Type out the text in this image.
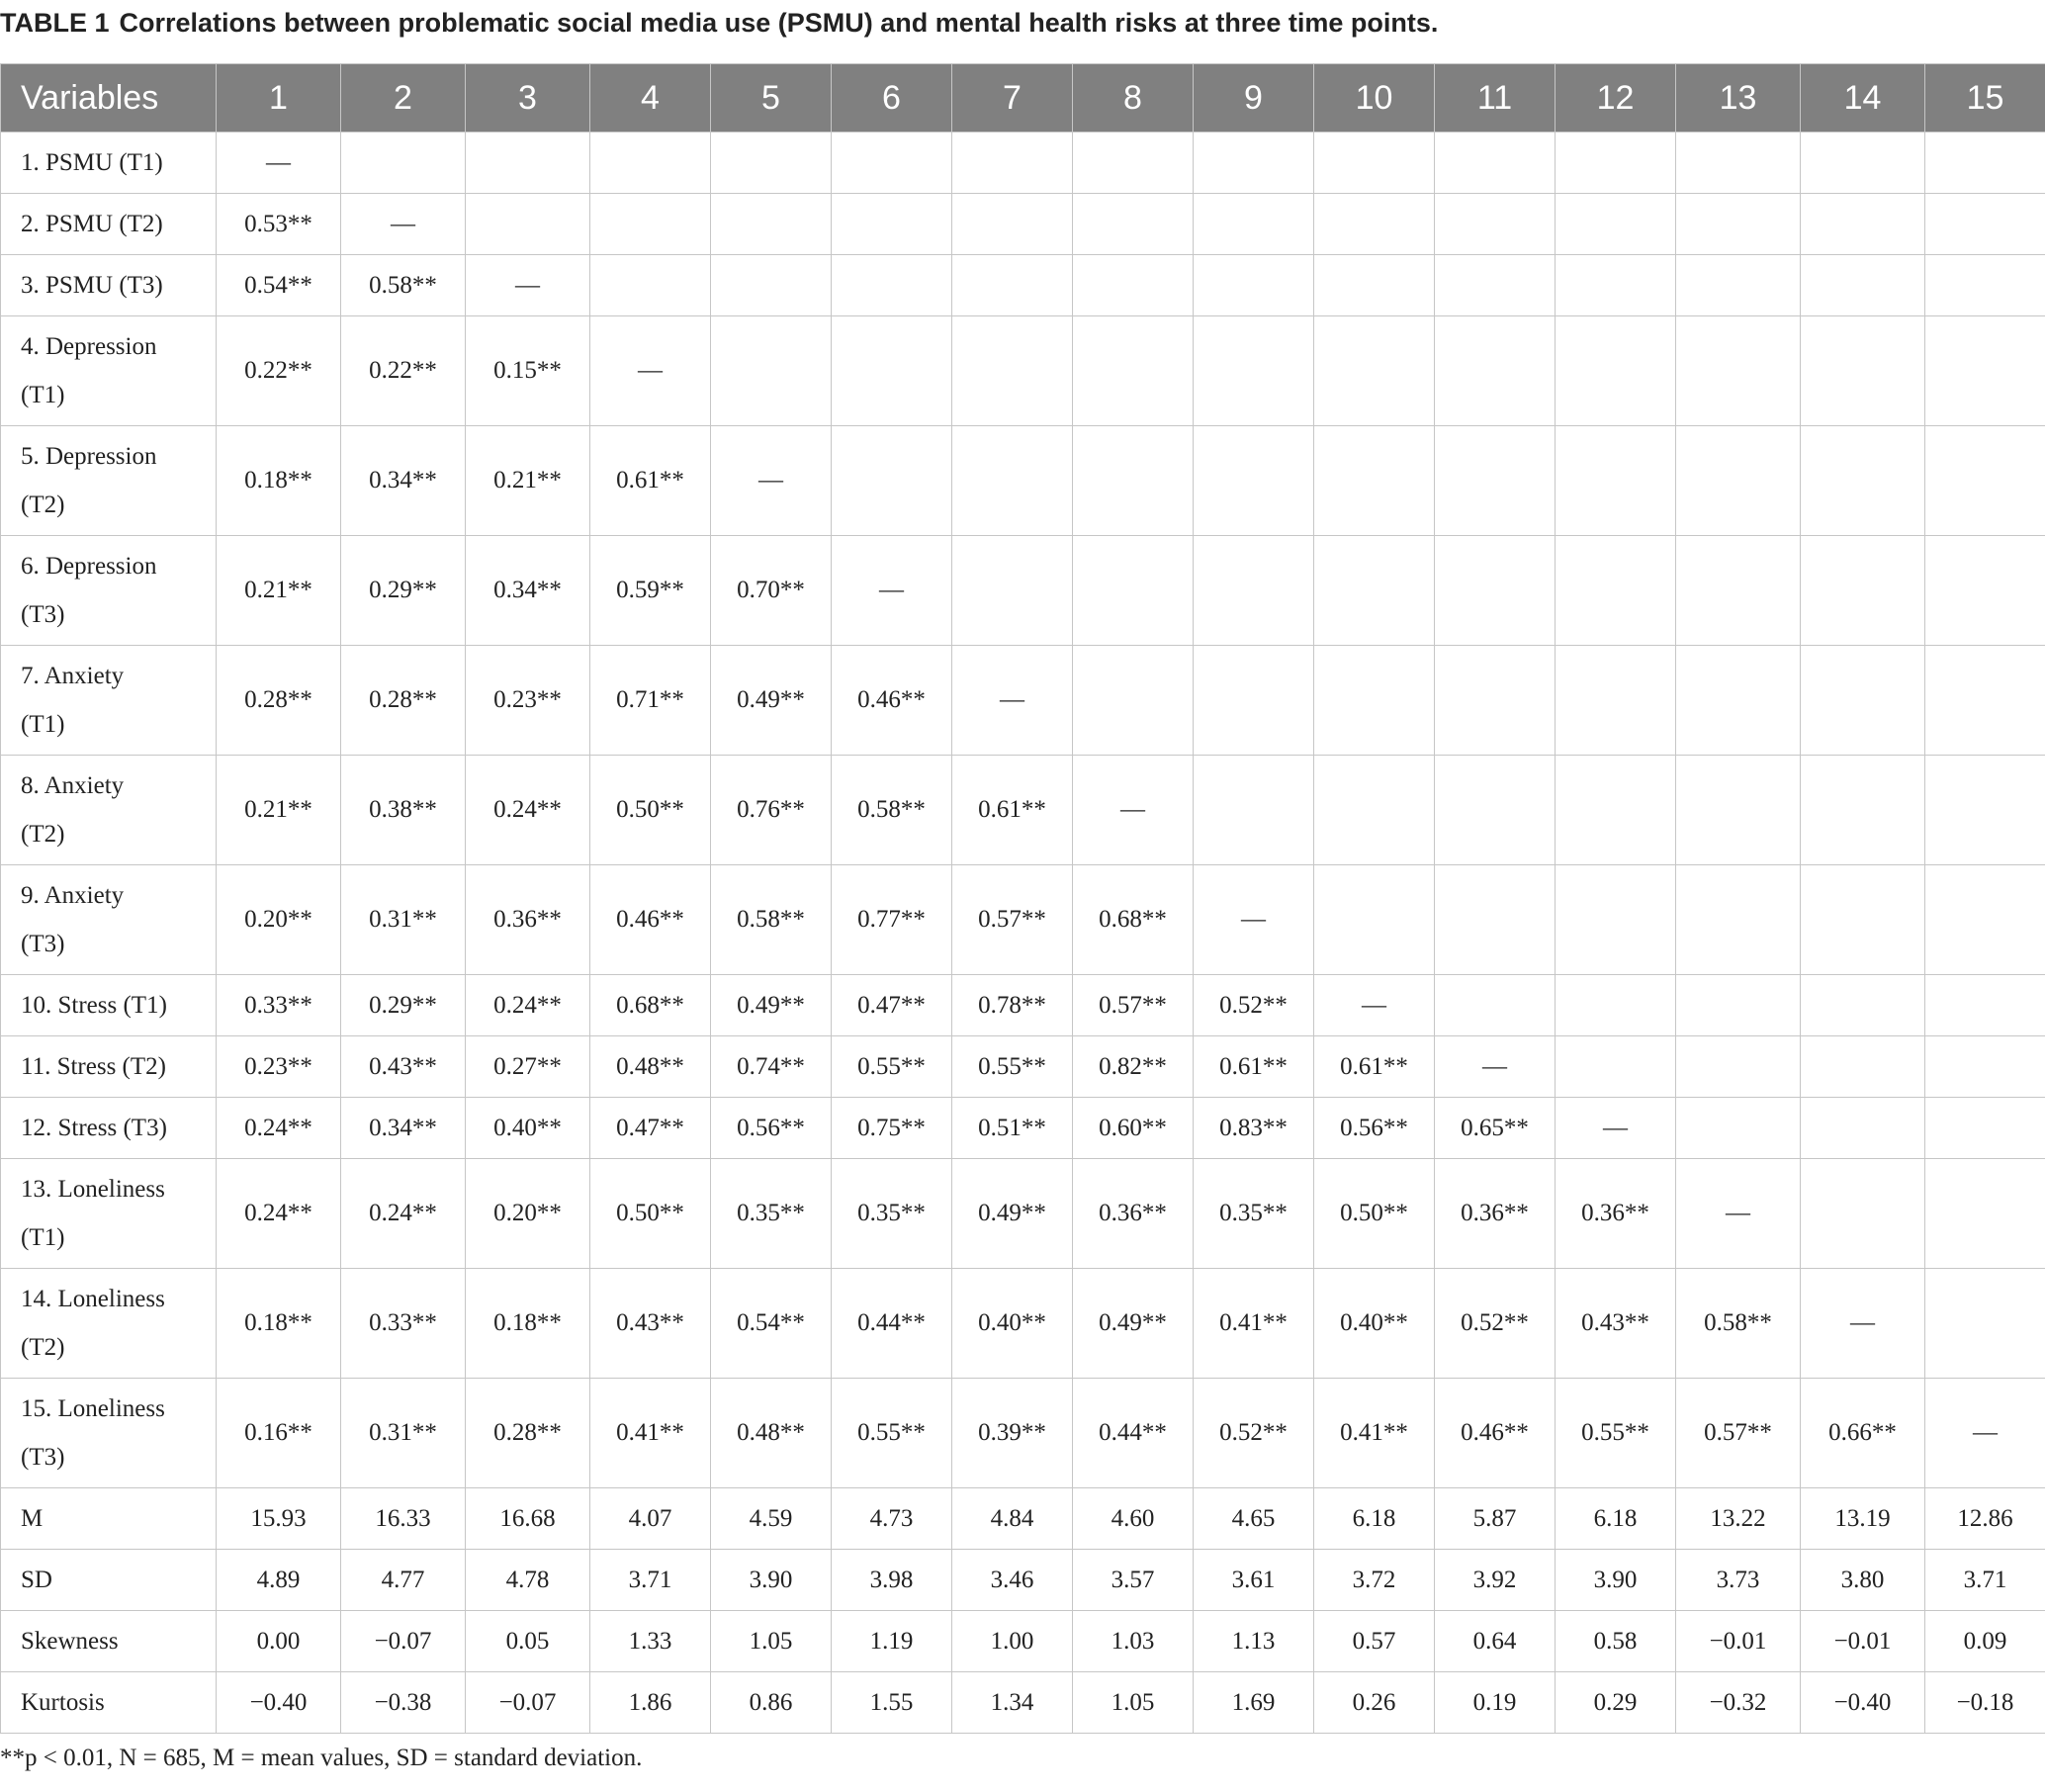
TABLE 1 Correlations between problematic social media use (PSMU) and mental health risks at three time points.
Variables	1	2	3	4	5	6	7	8	9	10	11	12	13	14	15
1. PSMU (T1)	—														
2. PSMU (T2)	0.53**	—													
3. PSMU (T3)	0.54**	0.58**	—												
4. Depression
(T1)	0.22**	0.22**	0.15**	—											
5. Depression
(T2)	0.18**	0.34**	0.21**	0.61**	—										
6. Depression
(T3)	0.21**	0.29**	0.34**	0.59**	0.70**	—									
7. Anxiety
(T1)	0.28**	0.28**	0.23**	0.71**	0.49**	0.46**	—								
8. Anxiety
(T2)	0.21**	0.38**	0.24**	0.50**	0.76**	0.58**	0.61**	—							
9. Anxiety
(T3)	0.20**	0.31**	0.36**	0.46**	0.58**	0.77**	0.57**	0.68**	—						
10. Stress (T1)	0.33**	0.29**	0.24**	0.68**	0.49**	0.47**	0.78**	0.57**	0.52**	—					
11. Stress (T2)	0.23**	0.43**	0.27**	0.48**	0.74**	0.55**	0.55**	0.82**	0.61**	0.61**	—				
12. Stress (T3)	0.24**	0.34**	0.40**	0.47**	0.56**	0.75**	0.51**	0.60**	0.83**	0.56**	0.65**	—			
13. Loneliness
(T1)	0.24**	0.24**	0.20**	0.50**	0.35**	0.35**	0.49**	0.36**	0.35**	0.50**	0.36**	0.36**	—		
14. Loneliness
(T2)	0.18**	0.33**	0.18**	0.43**	0.54**	0.44**	0.40**	0.49**	0.41**	0.40**	0.52**	0.43**	0.58**	—	
15. Loneliness
(T3)	0.16**	0.31**	0.28**	0.41**	0.48**	0.55**	0.39**	0.44**	0.52**	0.41**	0.46**	0.55**	0.57**	0.66**	—
M	15.93	16.33	16.68	4.07	4.59	4.73	4.84	4.60	4.65	6.18	5.87	6.18	13.22	13.19	12.86
SD	4.89	4.77	4.78	3.71	3.90	3.98	3.46	3.57	3.61	3.72	3.92	3.90	3.73	3.80	3.71
Skewness	0.00	−0.07	0.05	1.33	1.05	1.19	1.00	1.03	1.13	0.57	0.64	0.58	−0.01	−0.01	0.09
Kurtosis	−0.40	−0.38	−0.07	1.86	0.86	1.55	1.34	1.05	1.69	0.26	0.19	0.29	−0.32	−0.40	−0.18
**p < 0.01, N = 685, M = mean values, SD = standard deviation.
